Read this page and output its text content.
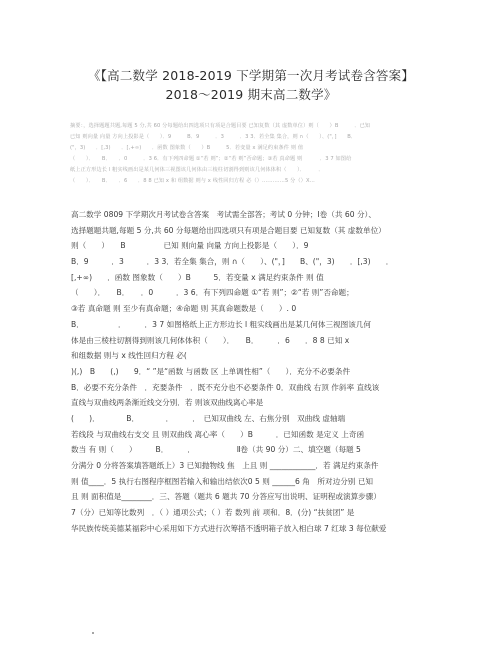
《【高二数学 2018-2019 下学期第一次月考试卷含答案】
2018～2019 期末高二数学》
摘要：，选择题题共题,每题 5 分,共 60 分每题给出四选项只有项是合题目要 已知复数（其 虚数单位）则（　　）B　　　．已知
已知 则向量 向量 方向上投影是（　　）．9　　　B．9　　　．3　　　．3 3．若全集 集合，则 ∩（　　）、("，]　　B．
("，3)　　．[,3)　　．[,+∞)　　．函数 图象数（　　）B　　　5．若变量 x 满足约束条件 则 值
（　　）．　　B．　　．0　　　．3 6．有下列四命题 ①“若 则”；②“若 则”否命题；③若 真命题 则 　　　．3 7 如图给
纸上正方形边长 l 粗实线画出是某几何体三视图该几何体由三棱柱切割得到则该几何体体积（　　）．　　　．
（　　）．　　B．　　．6　　．8 8 已知 x 和 组数据 则与 x 线性回归方程 必（）.…………5 分（）X...
高二数学 0809 下学期次月考试卷含答案　考试需全部答；考试 0 分钟；Ⅰ卷（共 60 分）、
选择题题共题,每题 5 分,共 60 分每题给出四选项只有项是合题目要 已知复数（其 虚数单位）
则（　　）　　B　　　　　已知 则向量 向量 方向上投影是（　　）．9
B．9　　　．3　　　．3 3．若全集 集合，则 ∩（　　）、("，]　　B、("，3)　　．[,3)　　．
[,+∞)　　．函数 图象数（　　）B　　　5．若变量 x 满足约束条件 则 值
（　　）．　　B．　　．0　　　．3 6．有下列四命题 ①“若 则”；②“若 则”否命题；
③若 真命题 则 至少有真命题；④命题 则 其真命题数是（　　）. 0
B．　　　　　．　　　．3 7 如图格纸上正方形边长 l 粗实线画出是某几何体三视图该几何
体是由三棱柱切割得到则该几何体体积（　　）．　　B．　　　．6　　．8 8 已知 x
和组数据 则与 x 线性回归方程 必(
)(,)　B　　(,)　　9．“ ”是“函数 与函数 区 上单调性相”（　　）．充分不必要条件
B．必要不充分条件　．充要条件　．既不充分也不必要条件 0．双曲线 右顶 作斜率 直线该
直线与双曲线两条渐近线交分别．若 则该双曲线离心率是
(　　)．　　　　B．　　　　．　　　．　已知双曲线 左、右焦分别　双曲线 虚轴端
若线段 与双曲线右支交 且 则双曲线 离心率（　　）B　　　．已知函数 是定义 上奇函
数当 有 则（　　）　　　B．　　　．　　　　　　Ⅱ卷（共 90 分）二、填空题（每题 5
分满分 0 分将答案填答题纸上）3 已知抛物线 焦　上且 则 ____________．若 满足约束条件
则 值____．5 执行右图程序框图若输入和输出结依次0 5 则 ______6 角　所对边分别 已知
且 则 面积值是________．三、答题（题共 6 题共 70 分答应写出说明、证明程或演算步骤）
7（分）已知等比数列　．（ ）通项公式；（ ）若 数列 前 项和．8．(分) “扶贫团” 是
华民族传统美德某福彩中心采用如下方式进行次筹措不透明箱子放入相白球 7 红球 3 每位献爱
